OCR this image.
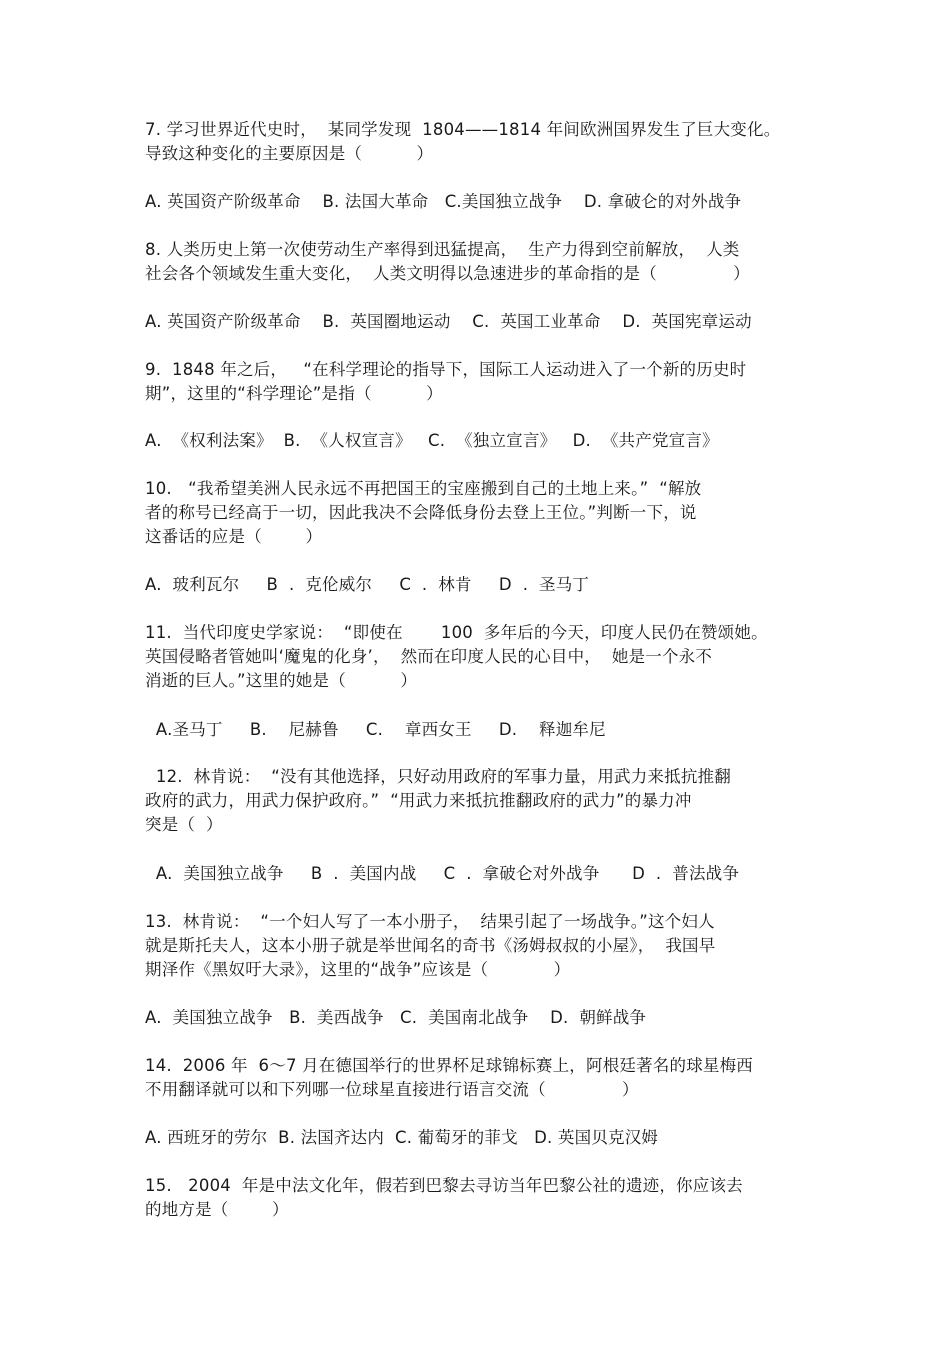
7. 学习世界近代史时，  某同学发现  1804——1814 年间欧洲国界发生了巨大变化。
导致这种变化的主要原因是（          ）
A. 英国资产阶级革命    B. 法国大革命   C.美国独立战争    D. 拿破仑的对外战争
8. 人类历史上第一次使劳动生产率得到迅猛提高，  生产力得到空前解放，  人类
社会各个领域发生重大变化，  人类文明得以急速进步的革命指的是（              ）
A. 英国资产阶级革命    B.  英国圈地运动    C.  英国工业革命    D.  英国宪章运动
9.  1848 年之后，   “在科学理论的指导下，国际工人运动进入了一个新的历史时
期”，这里的“科学理论”是指（          ）
A.  《权利法案》  B.  《人权宣言》   C.  《独立宣言》   D.  《共产党宣言》
10.   “我希望美洲人民永远不再把国王的宝座搬到自己的土地上来。”  “解放
者的称号已经高于一切，因此我决不会降低身份去登上王位。”判断一下，说
这番话的应是（        ）
A.  玻利瓦尔     B  .  克伦威尔     C  .  林肯     D  .  圣马丁
11.  当代印度史学家说：  “即使在       100  多年后的今天，印度人民仍在赞颂她。
英国侵略者管她叫‘魔鬼的化身’，  然而在印度人民的心目中，  她是一个永不
消逝的巨人。”这里的她是（          ）
A.圣马丁     B.    尼赫鲁     C.    章西女王     D.    释迦牟尼
12.  林肯说：  “没有其他选择，只好动用政府的军事力量，用武力来抵抗推翻
政府的武力，用武力保护政府。”  “用武力来抵抗推翻政府的武力”的暴力冲
突是（  ）
A.  美国独立战争     B  .  美国内战     C  .  拿破仑对外战争      D  .  普法战争
13.  林肯说：  “一个妇人写了一本小册子，  结果引起了一场战争。”这个妇人
就是斯托夫人，这本小册子就是举世闻名的奇书《汤姆叔叔的小屋》，  我国早
期泽作《黑奴吁大录》，这里的“战争”应该是（            ）
A.  美国独立战争   B.  美西战争   C.  美国南北战争    D.  朝鲜战争
14.  2006 年  6～7 月在德国举行的世界杯足球锦标赛上，阿根廷著名的球星梅西
不用翻译就可以和下列哪一位球星直接进行语言交流（              ）
A. 西班牙的劳尔  B. 法国齐达内  C. 葡萄牙的菲戈   D. 英国贝克汉姆
15.   2004  年是中法文化年，假若到巴黎去寻访当年巴黎公社的遗迹，你应该去
的地方是（        ）
